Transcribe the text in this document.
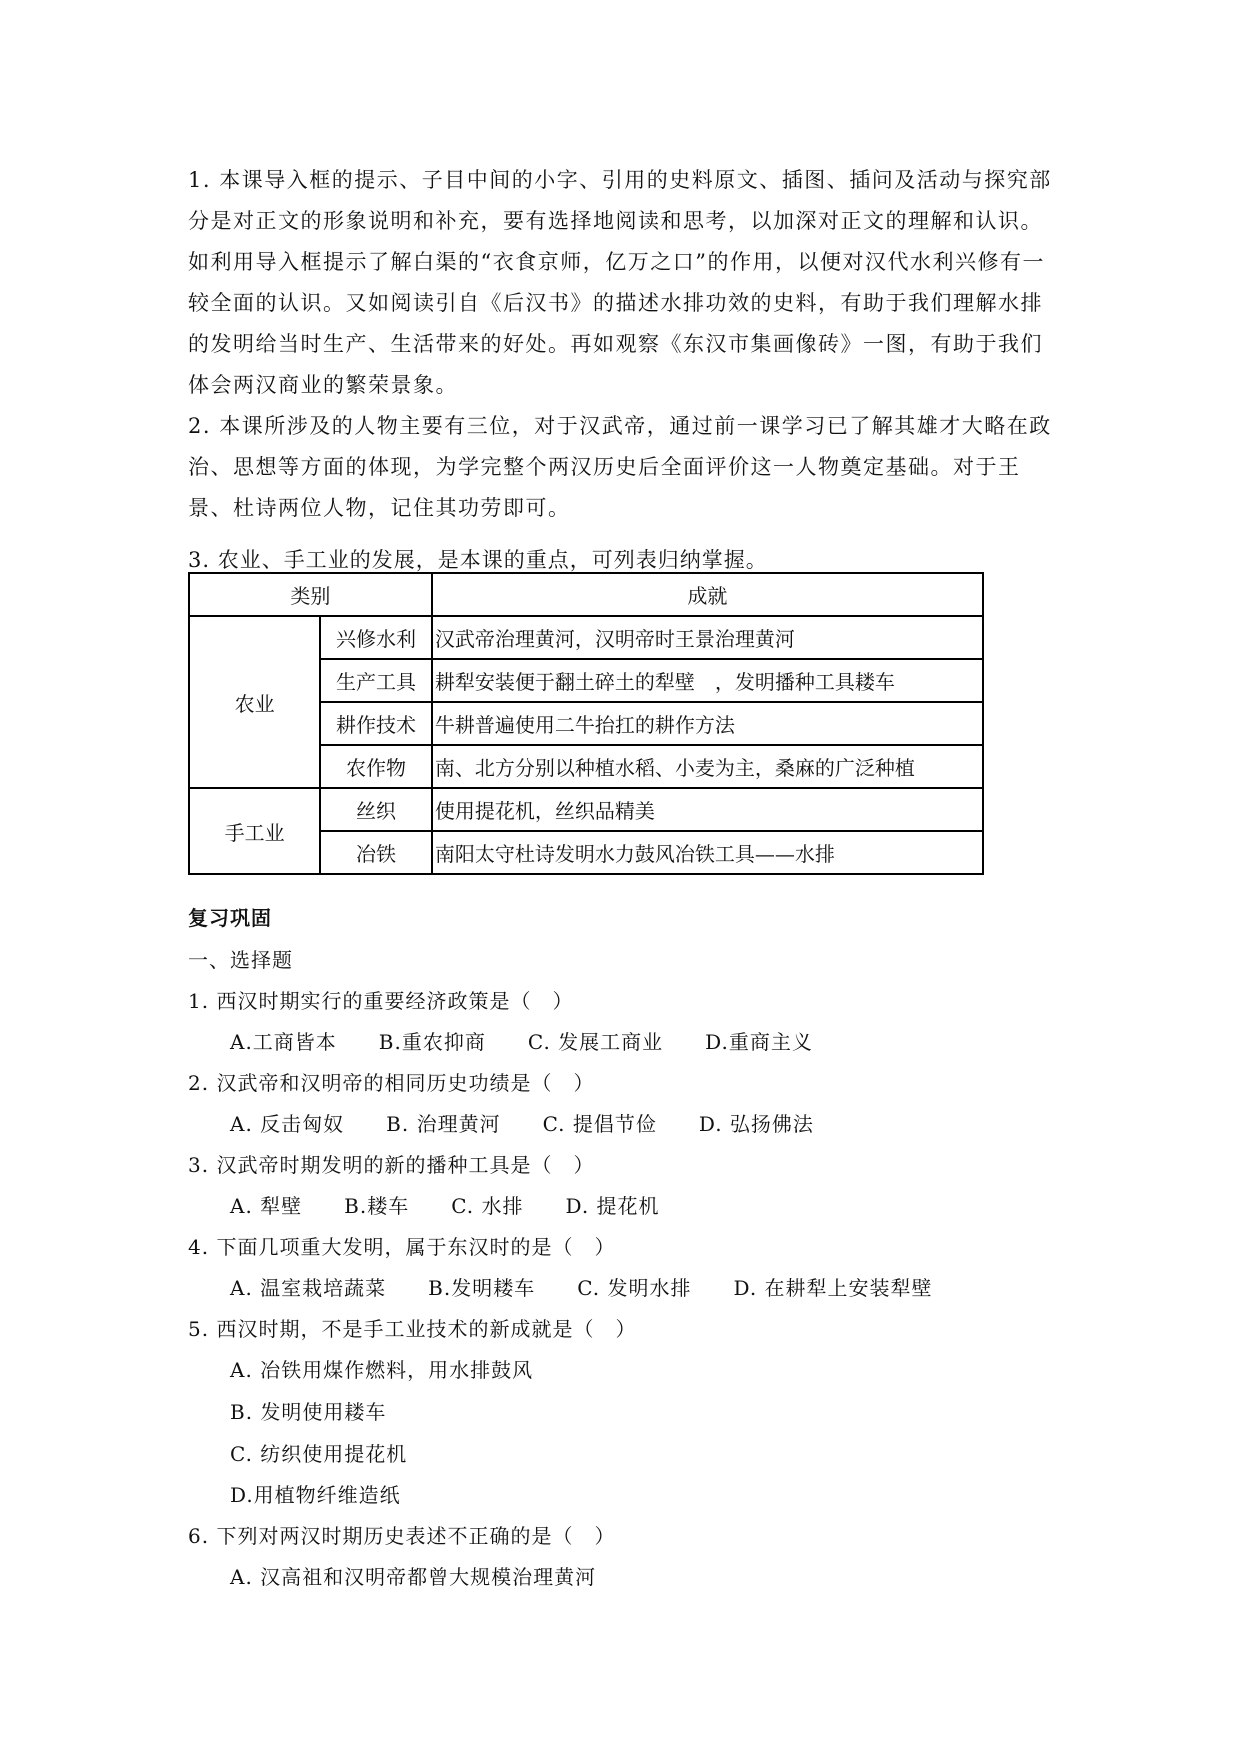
1. 本课导入框的提示、子目中间的小字、引用的史料原文、插图、插问及活动与探究部分是对正文的形象说明和补充，要有选择地阅读和思考，以加深对正文的理解和认识。如利用导入框提示了解白渠的“衣食京师，亿万之口”的作用，以便对汉代水利兴修有一较全面的认识。又如阅读引自《后汉书》的描述水排功效的史料，有助于我们理解水排的发明给当时生产、生活带来的好处。再如观察《东汉市集画像砖》一图，有助于我们体会两汉商业的繁荣景象。

2. 本课所涉及的人物主要有三位，对于汉武帝，通过前一课学习已了解其雄才大略在政治、思想等方面的体现，为学完整个两汉历史后全面评价这一人物奠定基础。对于王景、杜诗两位人物，记住其功劳即可。

3. 农业、手工业的发展，是本课的重点，可列表归纳掌握。

类别		成就
农业	兴修水利	汉武帝治理黄河，汉明帝时王景治理黄河
	生产工具	耕犁安装便于翻土碎土的犁壁　，发明播种工具耧车
	耕作技术	牛耕普遍使用二牛抬扛的耕作方法
	农作物	南、北方分别以种植水稻、小麦为主，桑麻的广泛种植
手工业	丝织	使用提花机，丝织品精美
	冶铁	南阳太守杜诗发明水力鼓风冶铁工具——水排

复习巩固

一、选择题

1. 西汉时期实行的重要经济政策是（　）

A.工商皆本　　B.重农抑商　　C. 发展工商业　　D.重商主义

2. 汉武帝和汉明帝的相同历史功绩是（　）

A. 反击匈奴　　B. 治理黄河　　C. 提倡节俭　　D. 弘扬佛法

3. 汉武帝时期发明的新的播种工具是（　）

A. 犁壁　　B.耧车　　C. 水排　　D. 提花机

4. 下面几项重大发明，属于东汉时的是（　）

A. 温室栽培蔬菜　　B.发明耧车　　C. 发明水排　　D. 在耕犁上安装犁壁

5. 西汉时期，不是手工业技术的新成就是（　）

A. 冶铁用煤作燃料，用水排鼓风

B. 发明使用耧车

C. 纺织使用提花机

D.用植物纤维造纸

6. 下列对两汉时期历史表述不正确的是（　）

A. 汉高祖和汉明帝都曾大规模治理黄河
